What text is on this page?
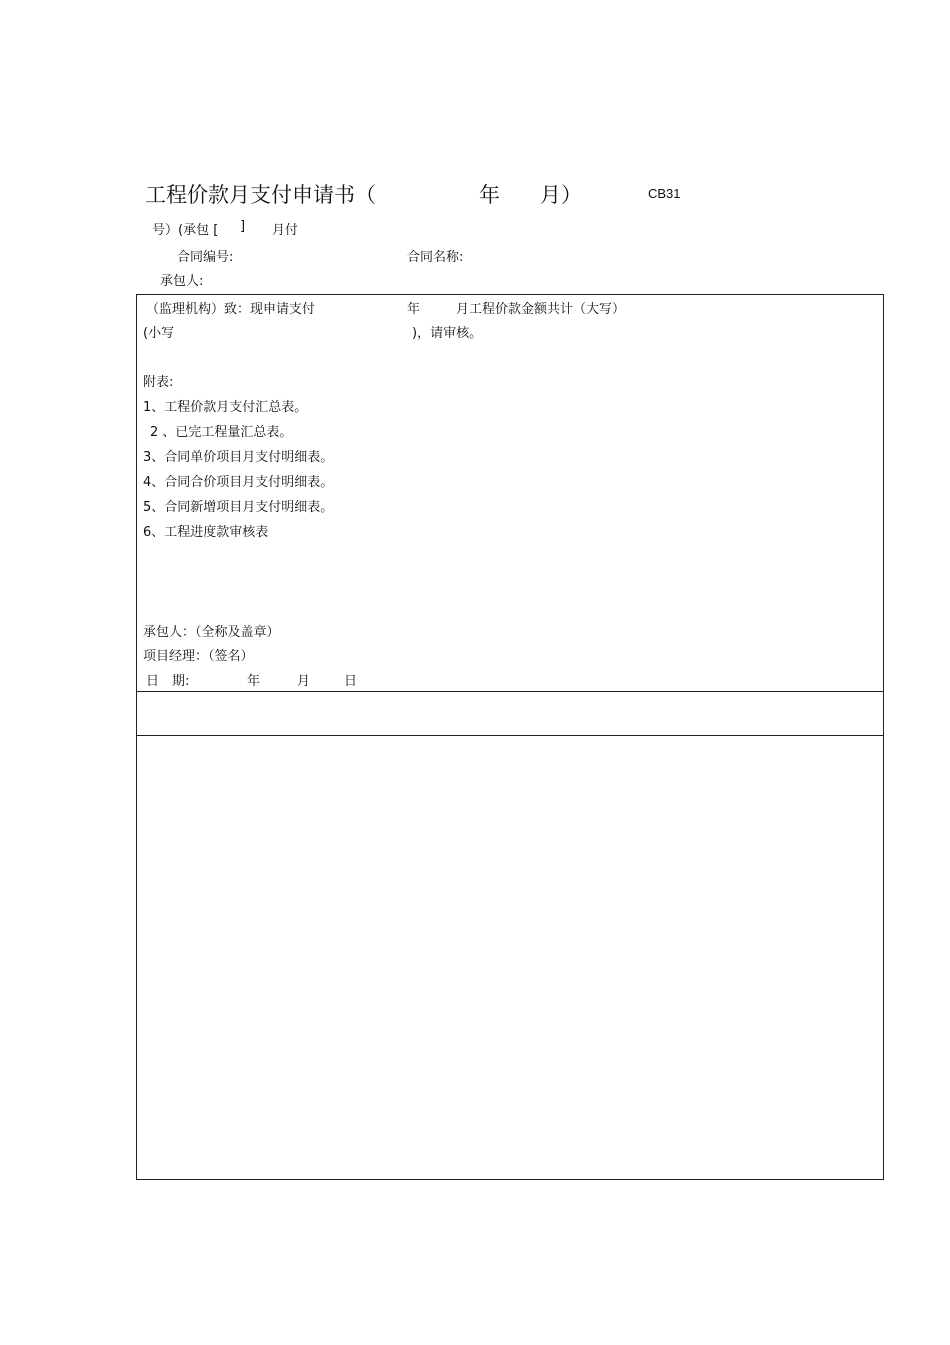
工程价款月支付申请书（	年 月）	CB31
号）(承包 [ ] 月付
合同编号:	合同名称:
承包人:
（监理机构）致：现申请支付	年	月工程价款金额共计（大写）
(小写	)，请审核。
附表:
1、工程价款月支付汇总表。
2 、已完工程量汇总表。
3、合同单价项目月支付明细表。
4、合同合价项目月支付明细表。
5、合同新增项目月支付明细表。
6、工程进度款审核表
承包人：（全称及盖章）
项目经理：（签名）
日　期:	年	月	日
